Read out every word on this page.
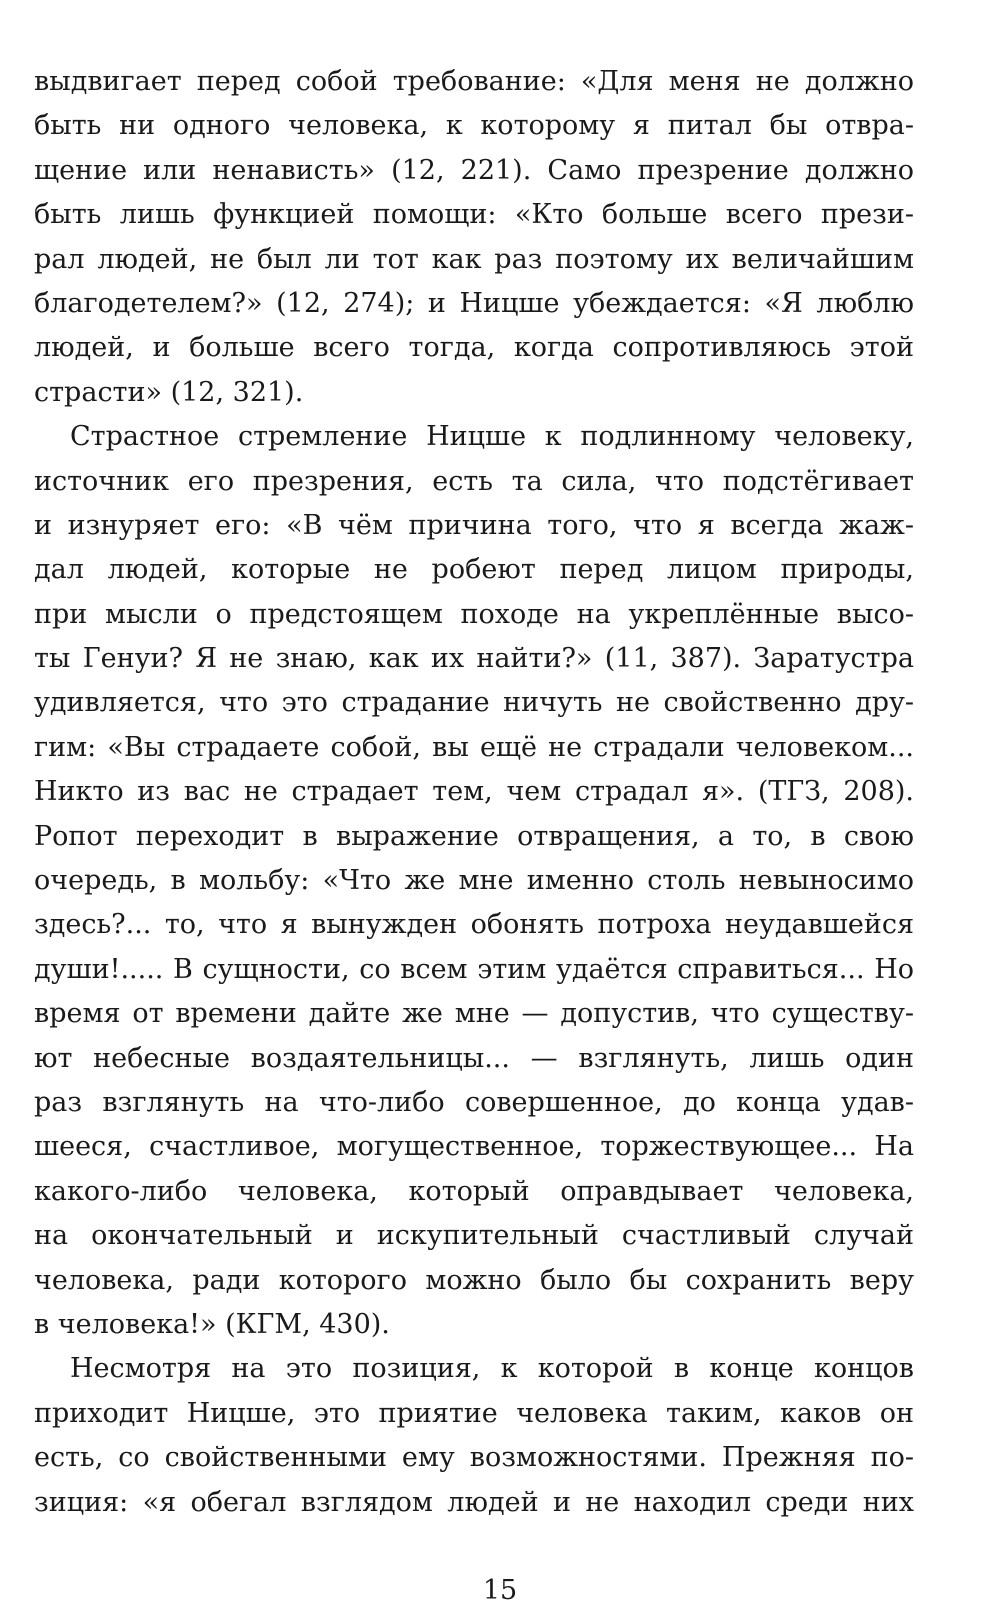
выдвигает перед собой требование: «Для меня не должно
быть ни одного человека, к которому я питал бы отвра-
щение или ненависть» (12, 221). Само презрение должно
быть лишь функцией помощи: «Кто больше всего прези-
рал людей, не был ли тот как раз поэтому их величайшим
благодетелем?» (12, 274); и Ницше убеждается: «Я люблю
людей, и больше всего тогда, когда сопротивляюсь этой
страсти» (12, 321).
Страстное стремление Ницше к подлинному человеку,
источник его презрения, есть та сила, что подстёгивает
и изнуряет его: «В чём причина того, что я всегда жаж-
дал людей, которые не робеют перед лицом природы,
при мысли о предстоящем походе на укреплённые высо-
ты Генуи? Я не знаю, как их найти?» (11, 387). Заратустра
удивляется, что это страдание ничуть не свойственно дру-
гим: «Вы страдаете собой, вы ещё не страдали человеком...
Никто из вас не страдает тем, чем страдал я». (ТГЗ, 208).
Ропот переходит в выражение отвращения, а то, в свою
очередь, в мольбу: «Что же мне именно столь невыносимо
здесь?... то, что я вынужден обонять потроха неудавшейся
души!..... В сущности, со всем этим удаётся справиться... Но
время от времени дайте же мне — допустив, что существу-
ют небесные воздаятельницы... — взглянуть, лишь один
раз взглянуть на что-либо совершенное, до конца удав-
шееся, счастливое, могущественное, торжествующее... На
какого-либо человека, который оправдывает человека,
на окончательный и искупительный счастливый случай
человека, ради которого можно было бы сохранить веру
в человека!» (КГМ, 430).
Несмотря на это позиция, к которой в конце концов
приходит Ницше, это приятие человека таким, каков он
есть, со свойственными ему возможностями. Прежняя по-
зиция: «я обегал взглядом людей и не находил среди них
15
